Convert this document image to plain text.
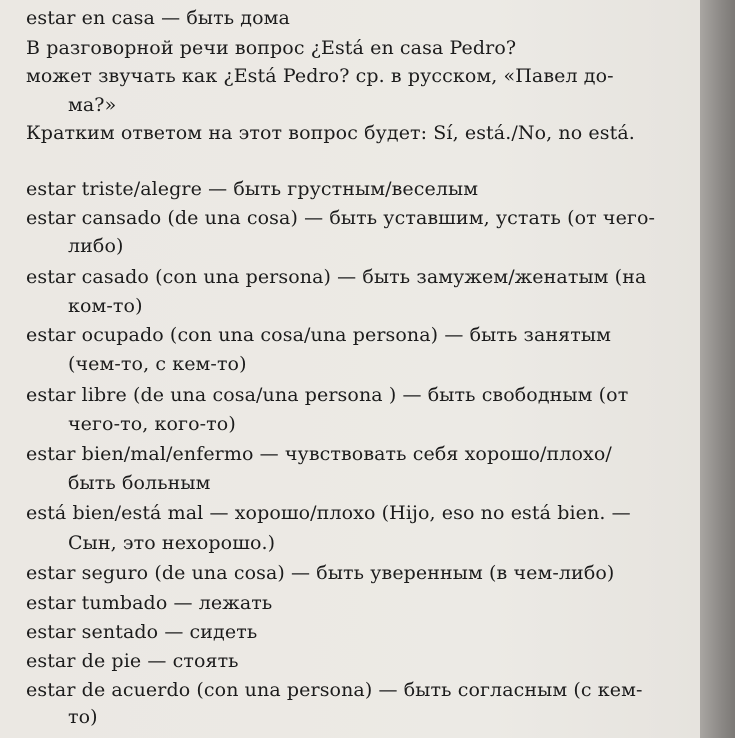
estar en casa — быть дома
В разговорной речи вопрос ¿Está en casa Pedro?
может звучать как ¿Está Pedro? ср. в русском, «Павел до-
ма?»
Кратким ответом на этот вопрос будет: Sí, está./No, no está.
estar triste/alegre — быть грустным/веселым
estar cansado (de una cosa) — быть уставшим, устать (от чего-
либо)
estar casado (con una persona) — быть замужем/женатым (на
ком-то)
estar ocupado (con una cosa/una persona) — быть занятым
(чем-то, с кем-то)
estar libre (de una cosa/una persona ) — быть свободным (от
чего-то, кого-то)
estar bien/mal/enfermo — чувствовать себя хорошо/плохо/
быть больным
está bien/está mal — хорошо/плохо (Hijo, eso no está bien. —
Сын, это нехорошо.)
estar seguro (de una cosa) — быть уверенным (в чем-либо)
estar tumbado — лежать
estar sentado — сидеть
estar de pie — стоять
estar de acuerdo (con una persona) — быть согласным (с кем-
то)
